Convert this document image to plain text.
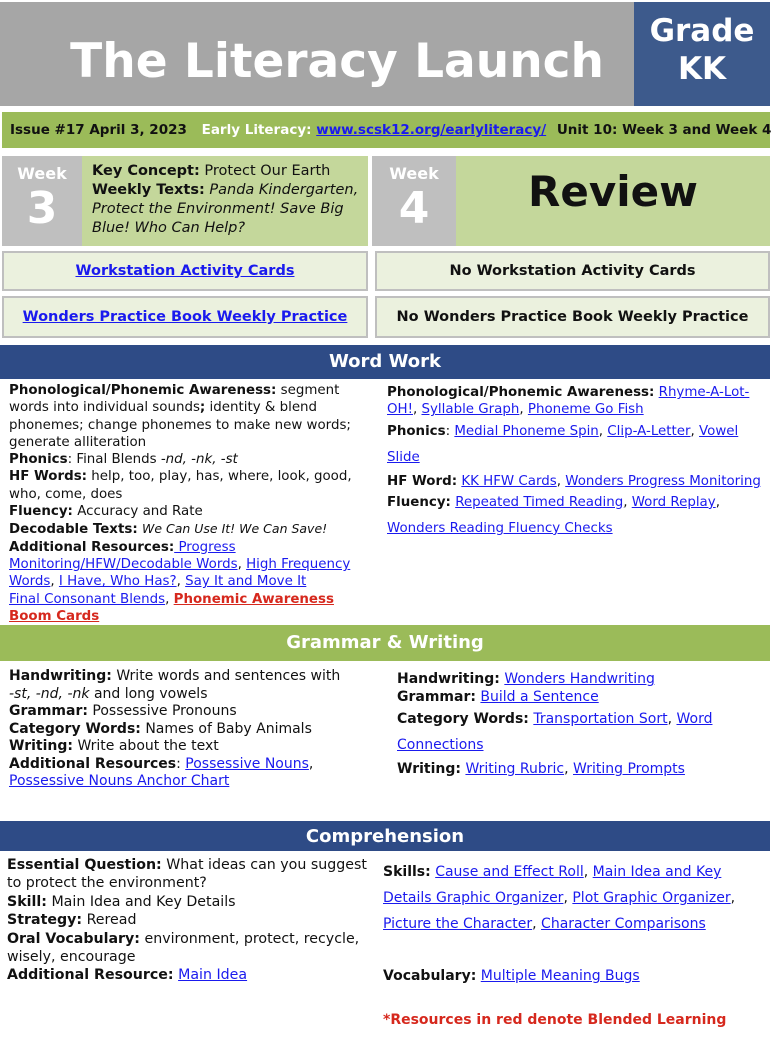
The Literacy Launch
Grade
KK
Issue #17 April 3, 2023 Early Literacy: www.scsk12.org/earlyliteracy/ Unit 10: Week 3 and Week 4
Week
3
Key Concept: Protect Our Earth
Weekly Texts: Panda Kindergarten, Protect the Environment! Save Big Blue! Who Can Help?
Week
4	Review
Workstation Activity Cards	No Workstation Activity Cards
Wonders Practice Book Weekly Practice	No Wonders Practice Book Weekly Practice
Word Work

Phonological/Phonemic Awareness: segment words into individual sounds; identity & blend phonemes; change phonemes to make new words; generate alliteration

Phonics: Final Blends -nd, -nk, -st

HF Words: help, too, play, has, where, look, good, who, come, does

Fluency: Accuracy and Rate

Decodable Texts: We Can Use It! We Can Save!

Additional Resources: Progress Monitoring/HFW/Decodable Words, High Frequency Words, I Have, Who Has?, Say It and Move It
Final Consonant Blends, Phonemic Awareness Boom Cards

Phonological/Phonemic Awareness: Rhyme-A-Lot-OH!, Syllable Graph, Phoneme Go Fish

Phonics: Medial Phoneme Spin, Clip-A-Letter, Vowel Slide

HF Word: KK HFW Cards, Wonders Progress Monitoring

Fluency: Repeated Timed Reading, Word Replay,
Wonders Reading Fluency Checks

Grammar & Writing

Handwriting: Write words and sentences with
-st, -nd, -nk and long vowels

Grammar: Possessive Pronouns

Category Words: Names of Baby Animals

Writing: Write about the text

Additional Resources: Possessive Nouns,
Possessive Nouns Anchor Chart

Handwriting: Wonders Handwriting

Grammar: Build a Sentence

Category Words: Transportation Sort, Word Connections

Writing: Writing Rubric, Writing Prompts

Comprehension

Essential Question: What ideas can you suggest to protect the environment?

Skill: Main Idea and Key Details

Strategy: Reread

Oral Vocabulary: environment, protect, recycle, wisely, encourage

Additional Resource: Main Idea

Skills: Cause and Effect Roll, Main Idea and Key Details Graphic Organizer, Plot Graphic Organizer, Picture the Character, Character Comparisons

Vocabulary: Multiple Meaning Bugs

*Resources in red denote Blended Learning
